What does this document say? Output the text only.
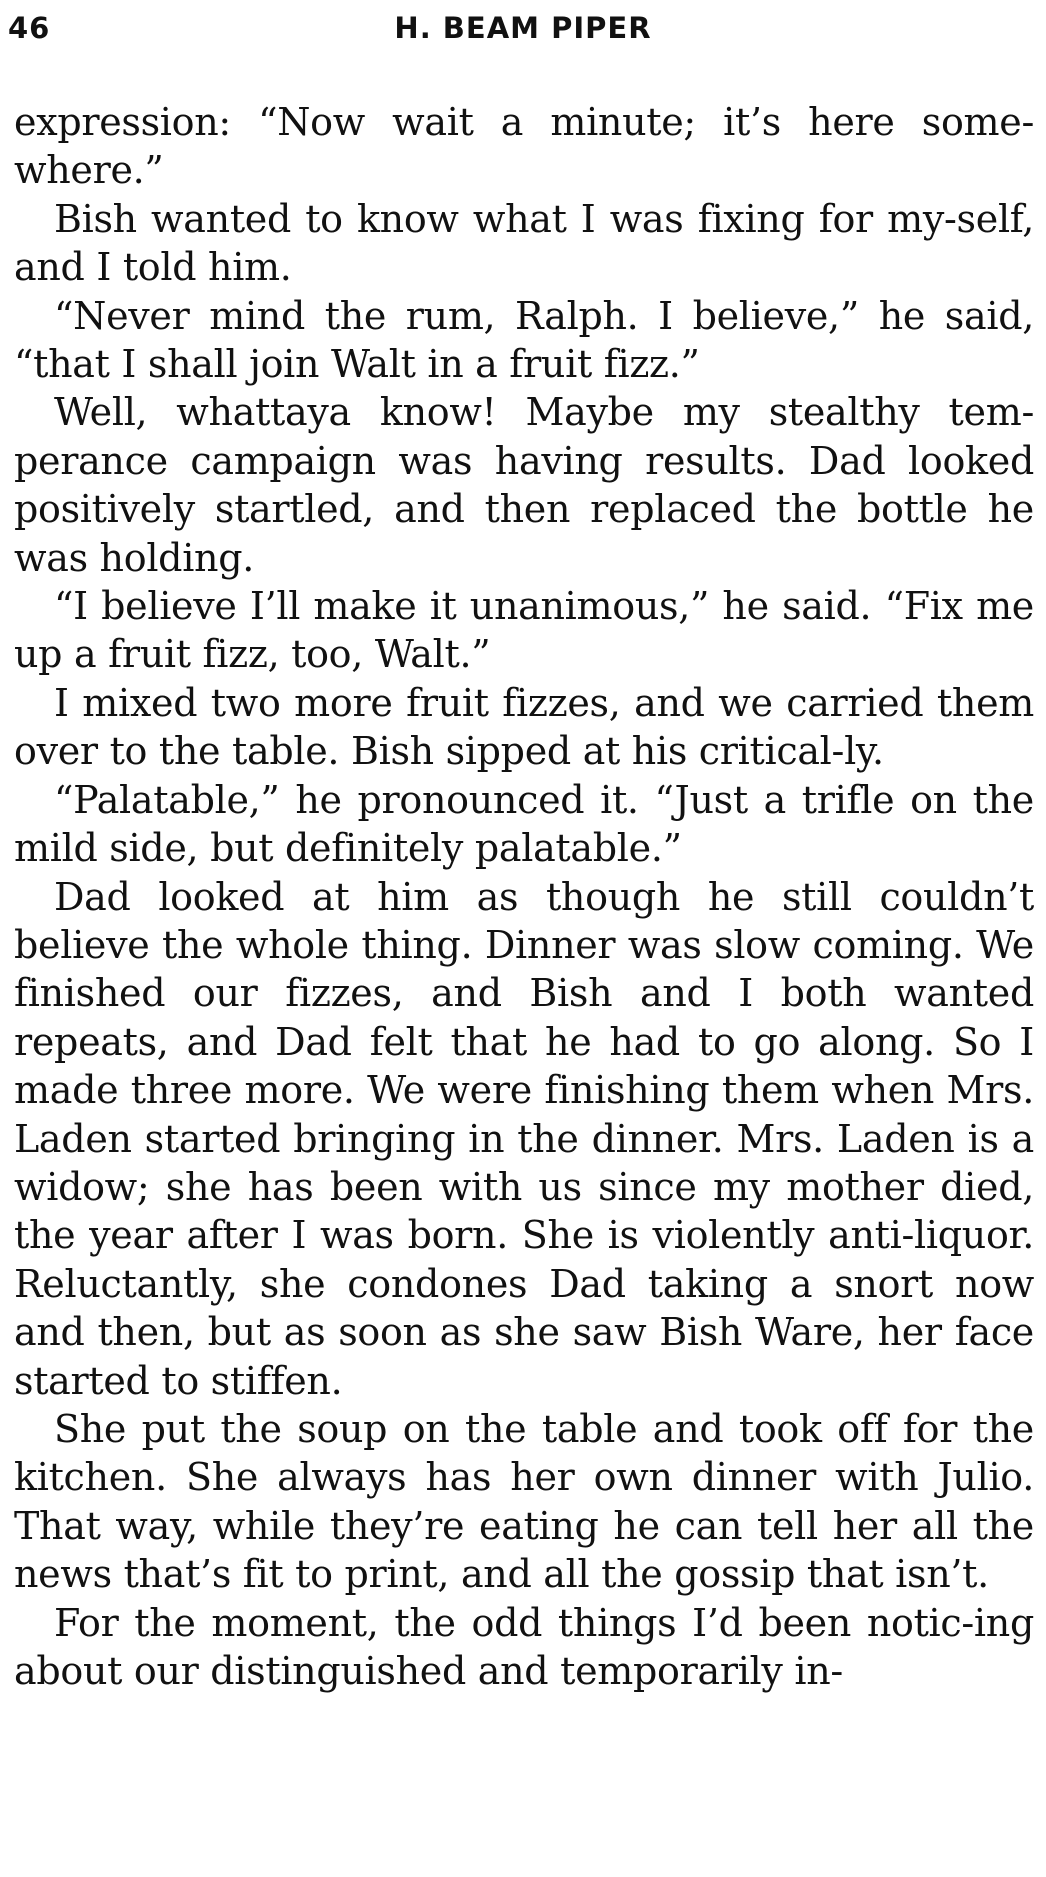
46	H. BEAM PIPER

expression: “Now wait a minute; it’s here some-where.”

Bish wanted to know what I was fixing for my-self, and I told him.

“Never mind the rum, Ralph. I believe,” he said, “that I shall join Walt in a fruit fizz.”

Well, whattaya know! Maybe my stealthy tem-perance campaign was having results. Dad looked positively startled, and then replaced the bottle he was holding.

“I believe I’ll make it unanimous,” he said. “Fix me up a fruit fizz, too, Walt.”

I mixed two more fruit fizzes, and we carried them over to the table. Bish sipped at his critical-ly.

“Palatable,” he pronounced it. “Just a trifle on the mild side, but definitely palatable.”

Dad looked at him as though he still couldn’t believe the whole thing. Dinner was slow coming. We finished our fizzes, and Bish and I both wanted repeats, and Dad felt that he had to go along. So I made three more. We were finishing them when Mrs. Laden started bringing in the dinner. Mrs. Laden is a widow; she has been with us since my mother died, the year after I was born. She is violently anti-liquor. Reluctantly, she condones Dad taking a snort now and then, but as soon as she saw Bish Ware, her face started to stiffen.

She put the soup on the table and took off for the kitchen. She always has her own dinner with Julio. That way, while they’re eating he can tell her all the news that’s fit to print, and all the gossip that isn’t.

For the moment, the odd things I’d been notic-ing about our distinguished and temporarily in-
